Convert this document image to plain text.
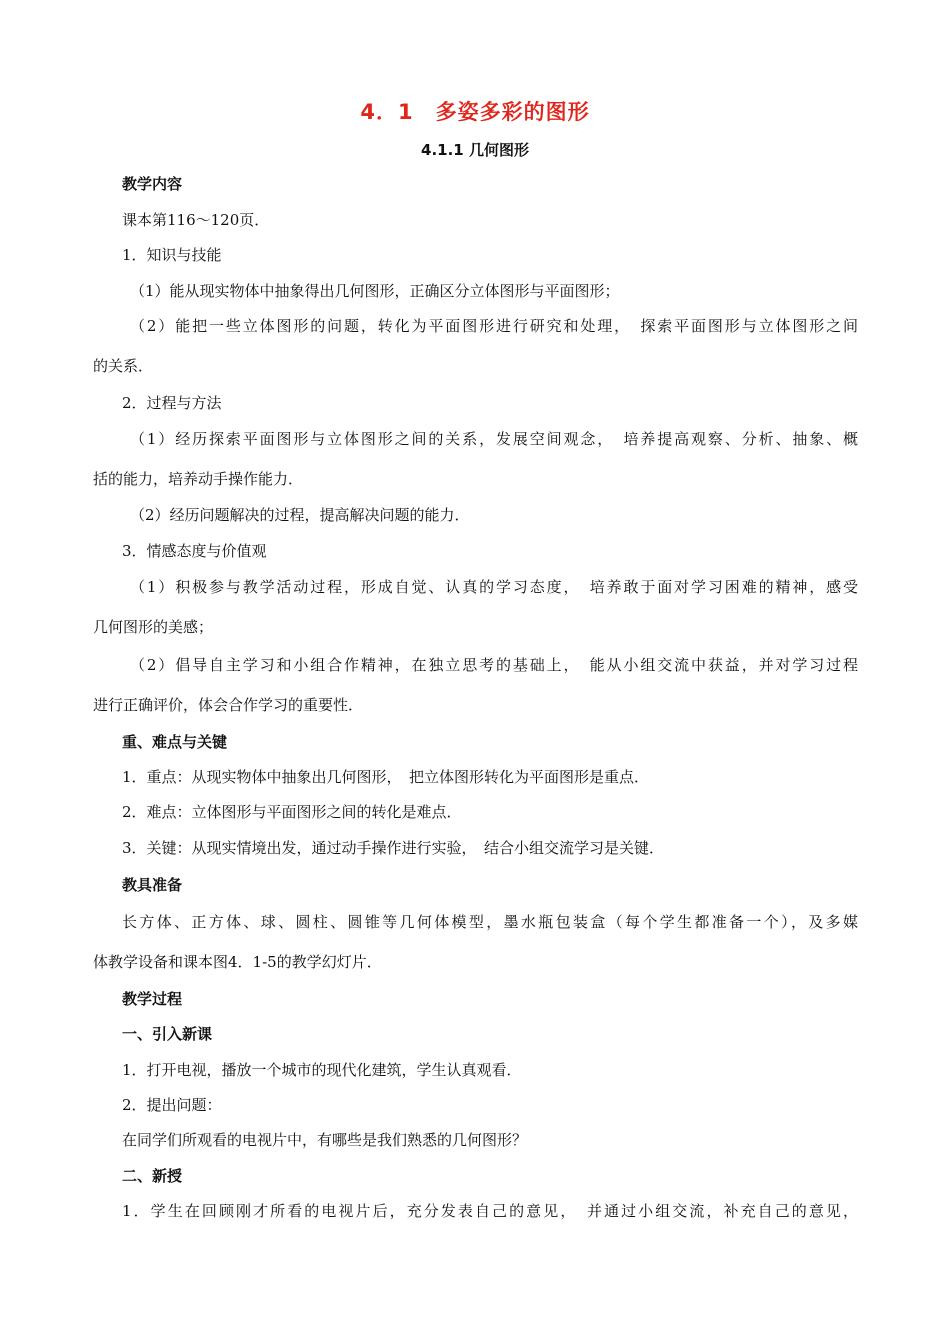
4．1　多姿多彩的图形
4.1.1 几何图形
教学内容
课本第116～120页．
1．知识与技能
（1）能从现实物体中抽象得出几何图形，正确区分立体图形与平面图形；
（2）能把一些立体图形的问题，转化为平面图形进行研究和处理，　探索平面图形与立体图形之间
的关系．
2．过程与方法
（1）经历探索平面图形与立体图形之间的关系，发展空间观念，　培养提高观察、分析、抽象、概
括的能力，培养动手操作能力．
（2）经历问题解决的过程，提高解决问题的能力．
3．情感态度与价值观
（1）积极参与教学活动过程，形成自觉、认真的学习态度，　培养敢于面对学习困难的精神，感受
几何图形的美感；
（2）倡导自主学习和小组合作精神，在独立思考的基础上，　能从小组交流中获益，并对学习过程
进行正确评价，体会合作学习的重要性．
重、难点与关键
1．重点：从现实物体中抽象出几何图形，　把立体图形转化为平面图形是重点．
2．难点：立体图形与平面图形之间的转化是难点．
3．关键：从现实情境出发，通过动手操作进行实验，　结合小组交流学习是关键．
教具准备
长方体、正方体、球、圆柱、圆锥等几何体模型，墨水瓶包装盒（每个学生都准备一个），及多媒
体教学设备和课本图4．1-5的教学幻灯片．
教学过程
一、引入新课
1．打开电视，播放一个城市的现代化建筑，学生认真观看．
2．提出问题：
在同学们所观看的电视片中，有哪些是我们熟悉的几何图形？
二、新授
1．学生在回顾刚才所看的电视片后，充分发表自己的意见，　并通过小组交流，补充自己的意见，
